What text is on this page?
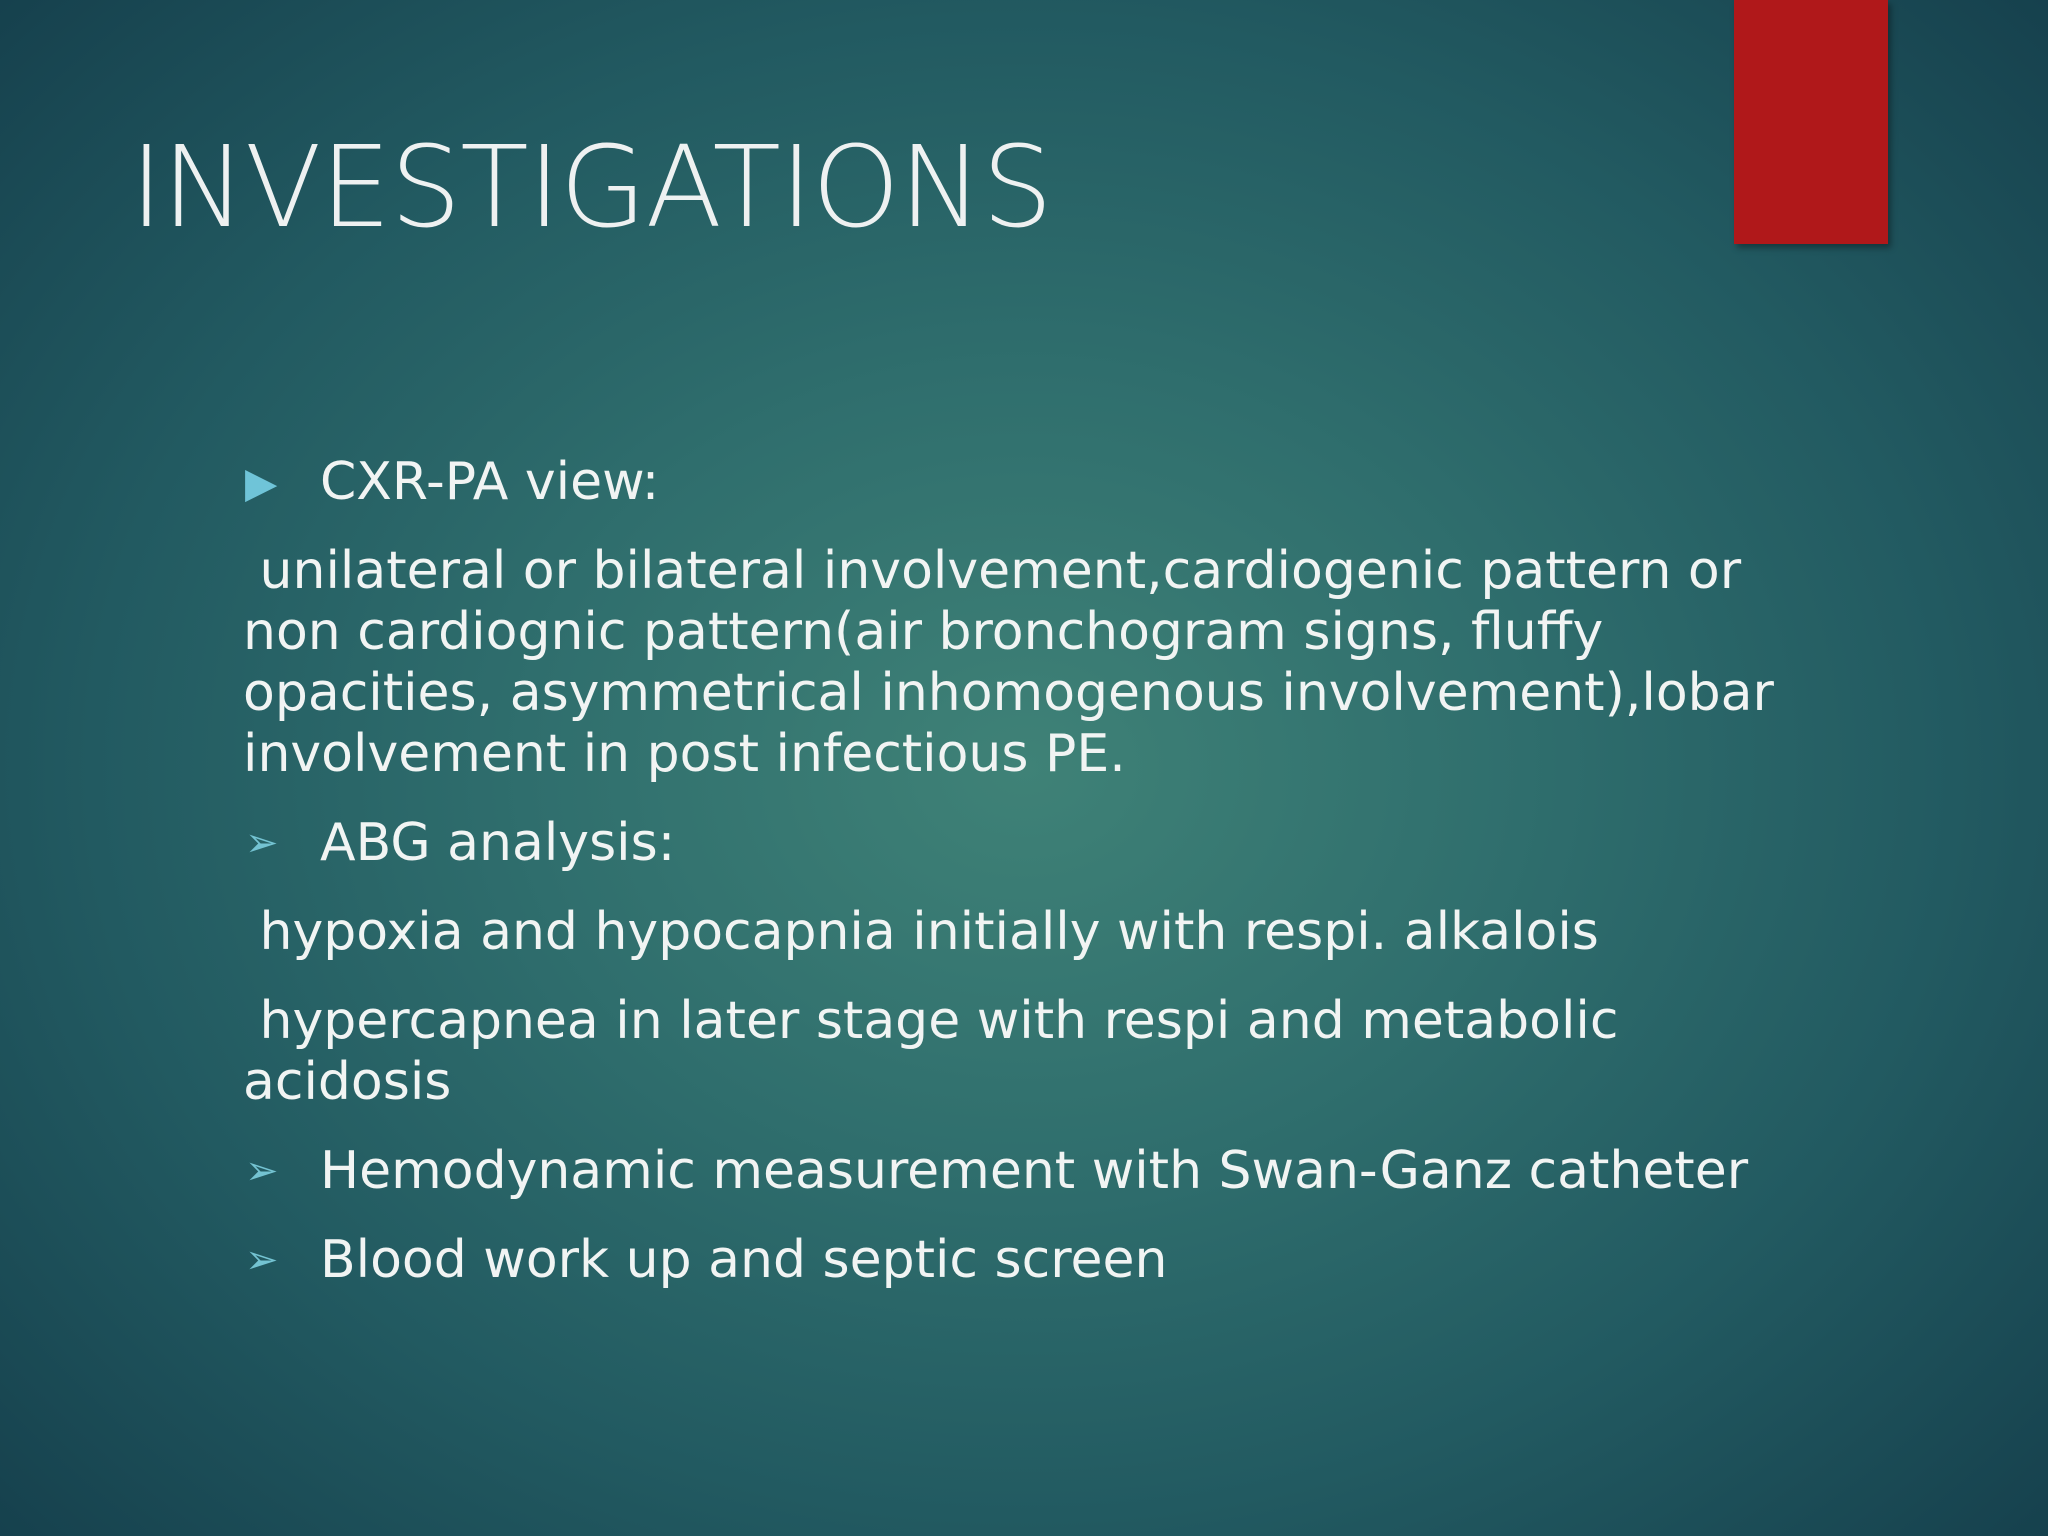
INVESTIGATIONS
▶ CXR-PA view:

unilateral or bilateral involvement,cardiogenic pattern or non cardiognic pattern(air bronchogram signs, fluffy opacities, asymmetrical inhomogenous involvement),lobar involvement in post infectious PE.

➢ ABG analysis:

hypoxia and hypocapnia initially with respi. alkalois

hypercapnea in later stage with respi and metabolic acidosis

➢ Hemodynamic measurement with Swan-Ganz catheter
➢ Blood work up and septic screen
